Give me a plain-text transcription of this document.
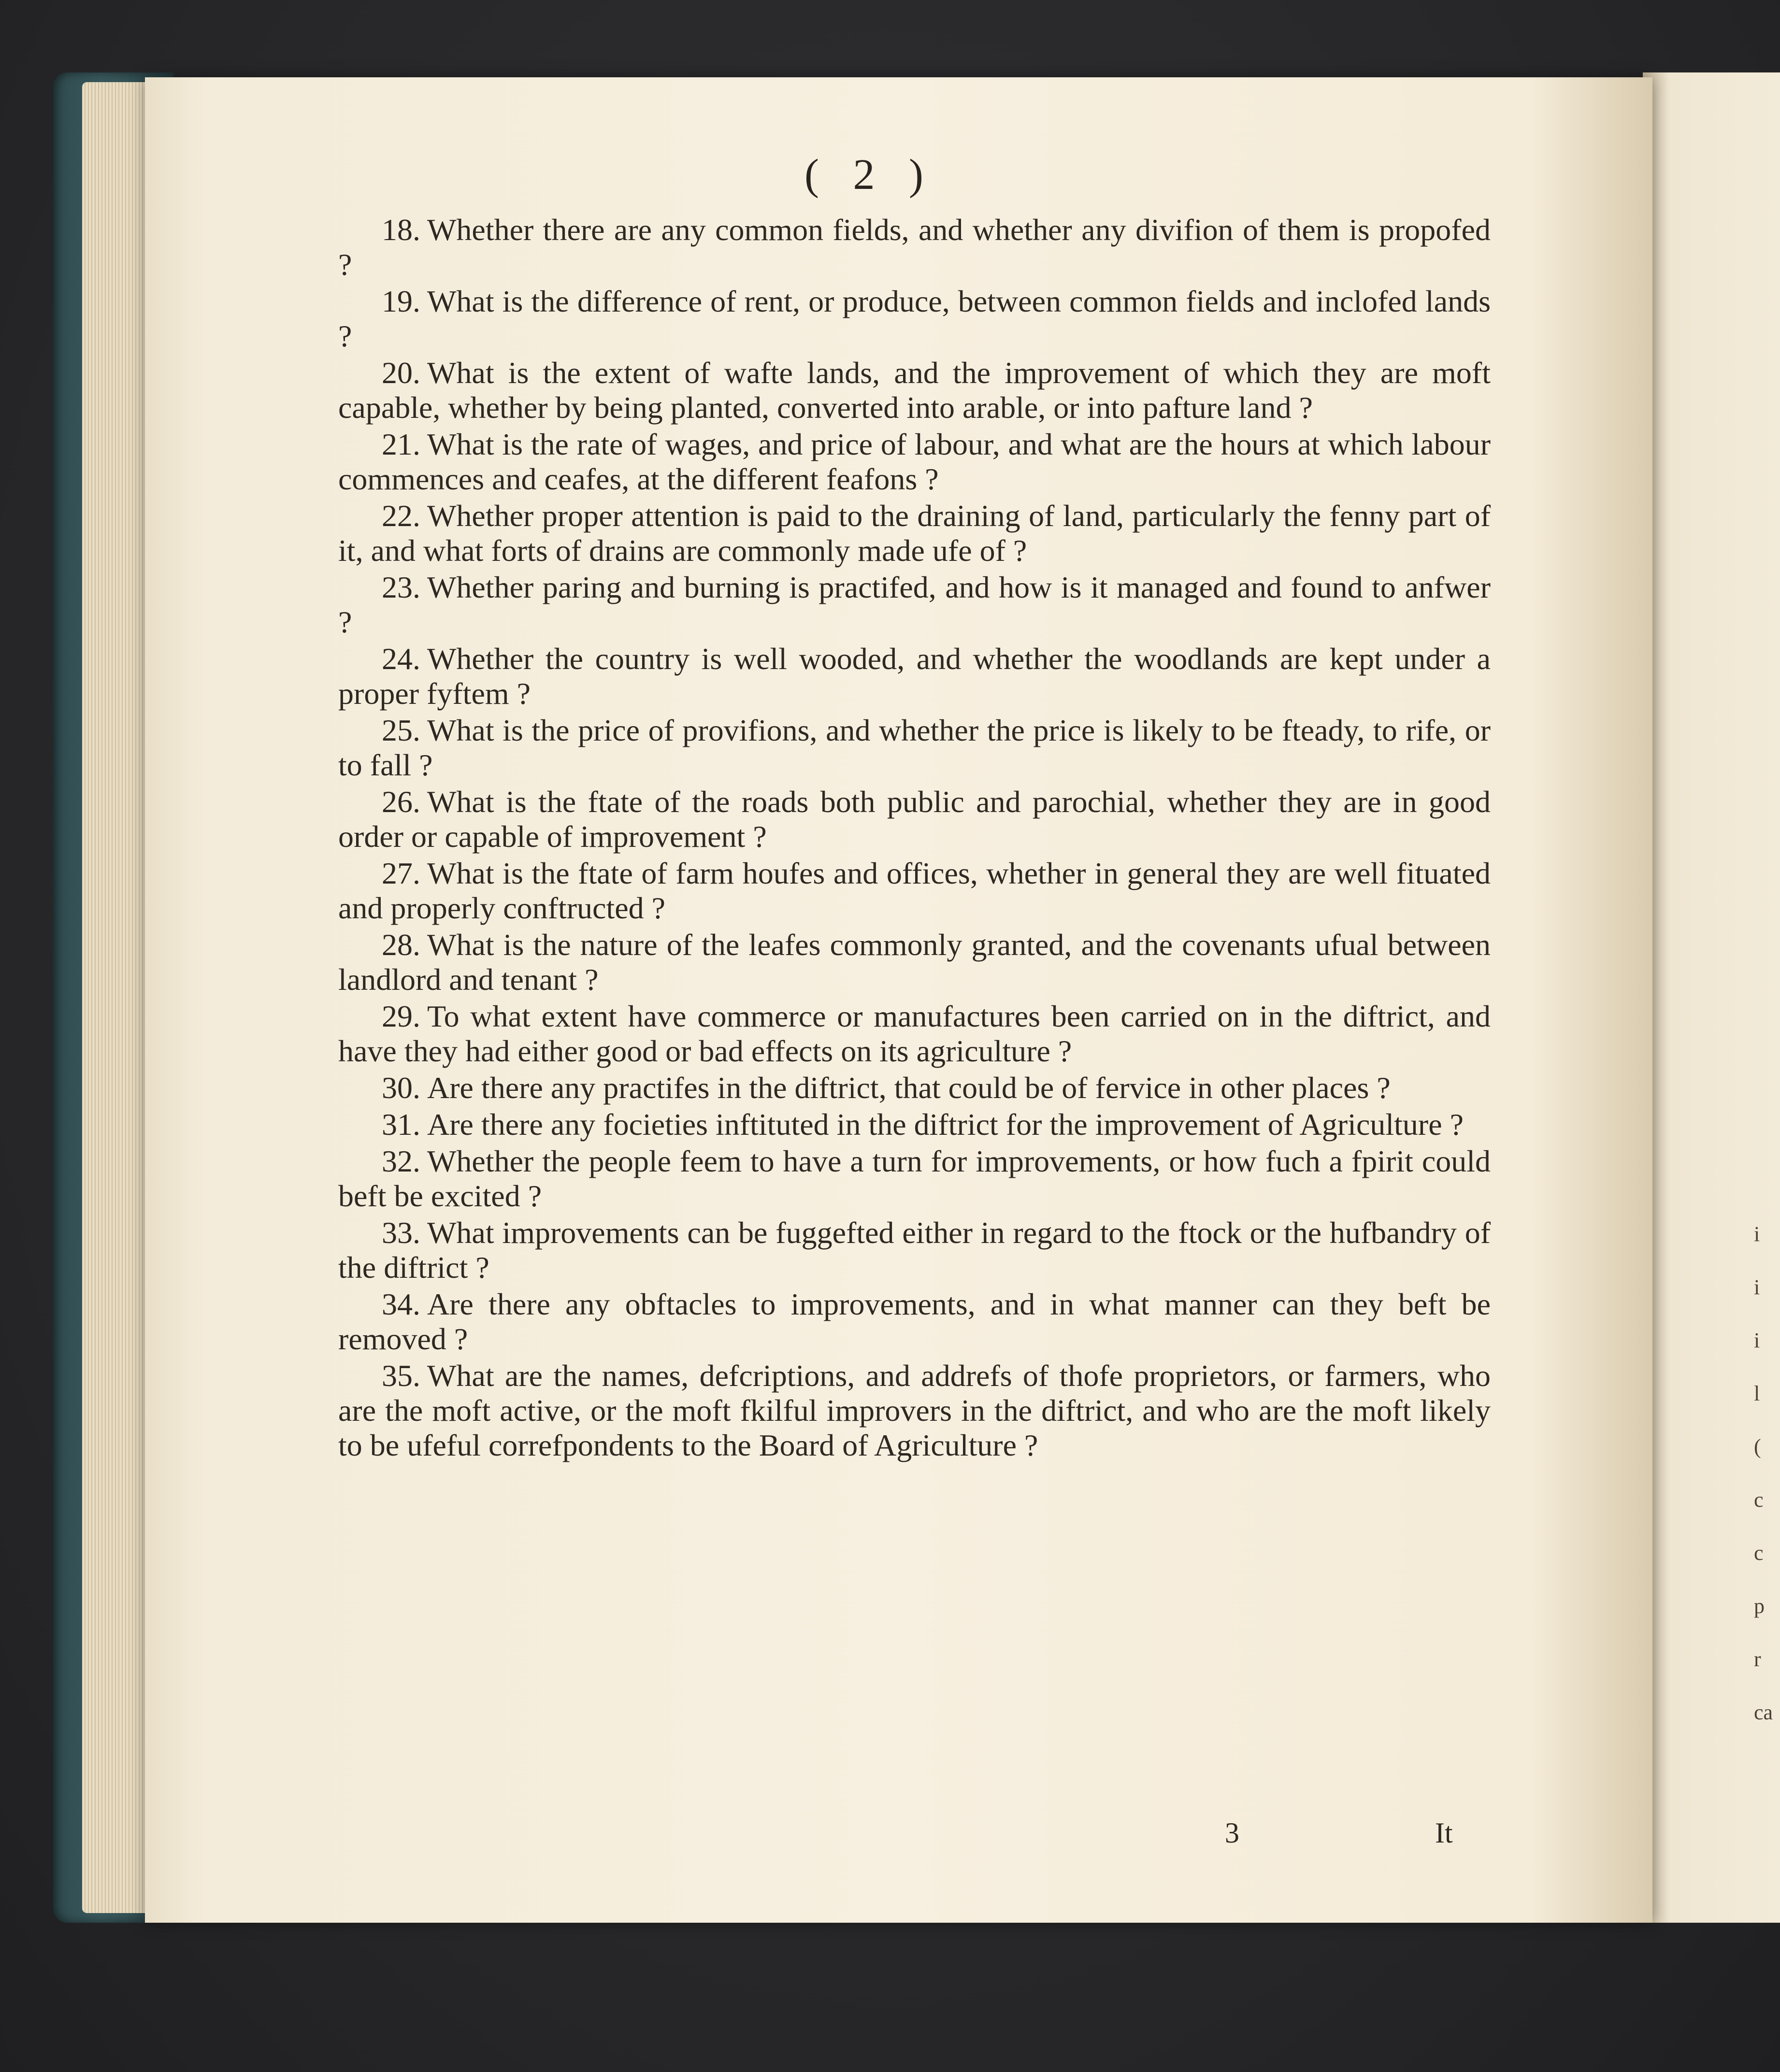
i
i
i
l
(
c
c
p
r
ca
( 2 )

18. Whether there are any common fields, and whether any divifion of them is propofed ?

19. What is the difference of rent, or produce, between common fields and inclofed lands ?

20. What is the extent of wafte lands, and the improvement of which they are moft capable, whether by being planted, converted into arable, or into pafture land ?

21. What is the rate of wages, and price of labour, and what are the hours at which labour commences and ceafes, at the different feafons ?

22. Whether proper attention is paid to the draining of land, particularly the fenny part of it, and what forts of drains are commonly made ufe of ?

23. Whether paring and burning is practifed, and how is it managed and found to anfwer ?

24. Whether the country is well wooded, and whether the woodlands are kept under a proper fyftem ?

25. What is the price of provifions, and whether the price is likely to be fteady, to rife, or to fall ?

26. What is the ftate of the roads both public and parochial, whether they are in good order or capable of improvement ?

27. What is the ftate of farm houfes and offices, whether in general they are well fituated and properly conftructed ?

28. What is the nature of the leafes commonly granted, and the covenants ufual between landlord and tenant ?

29. To what extent have commerce or manufactures been carried on in the diftrict, and have they had either good or bad effects on its agriculture ?

30. Are there any practifes in the diftrict, that could be of fervice in other places ?

31. Are there any focieties inftituted in the diftrict for the improvement of Agriculture ?

32. Whether the people feem to have a turn for improvements, or how fuch a fpirit could beft be excited ?

33. What improvements can be fuggefted either in regard to the ftock or the hufbandry of the diftrict ?

34. Are there any obftacles to improvements, and in what manner can they beft be removed ?

35. What are the names, defcriptions, and addrefs of thofe proprietors, or farmers, who are the moft active, or the moft fkilful improvers in the diftrict, and who are the moft likely to be ufeful correfpondents to the Board of Agriculture ?

3	It
